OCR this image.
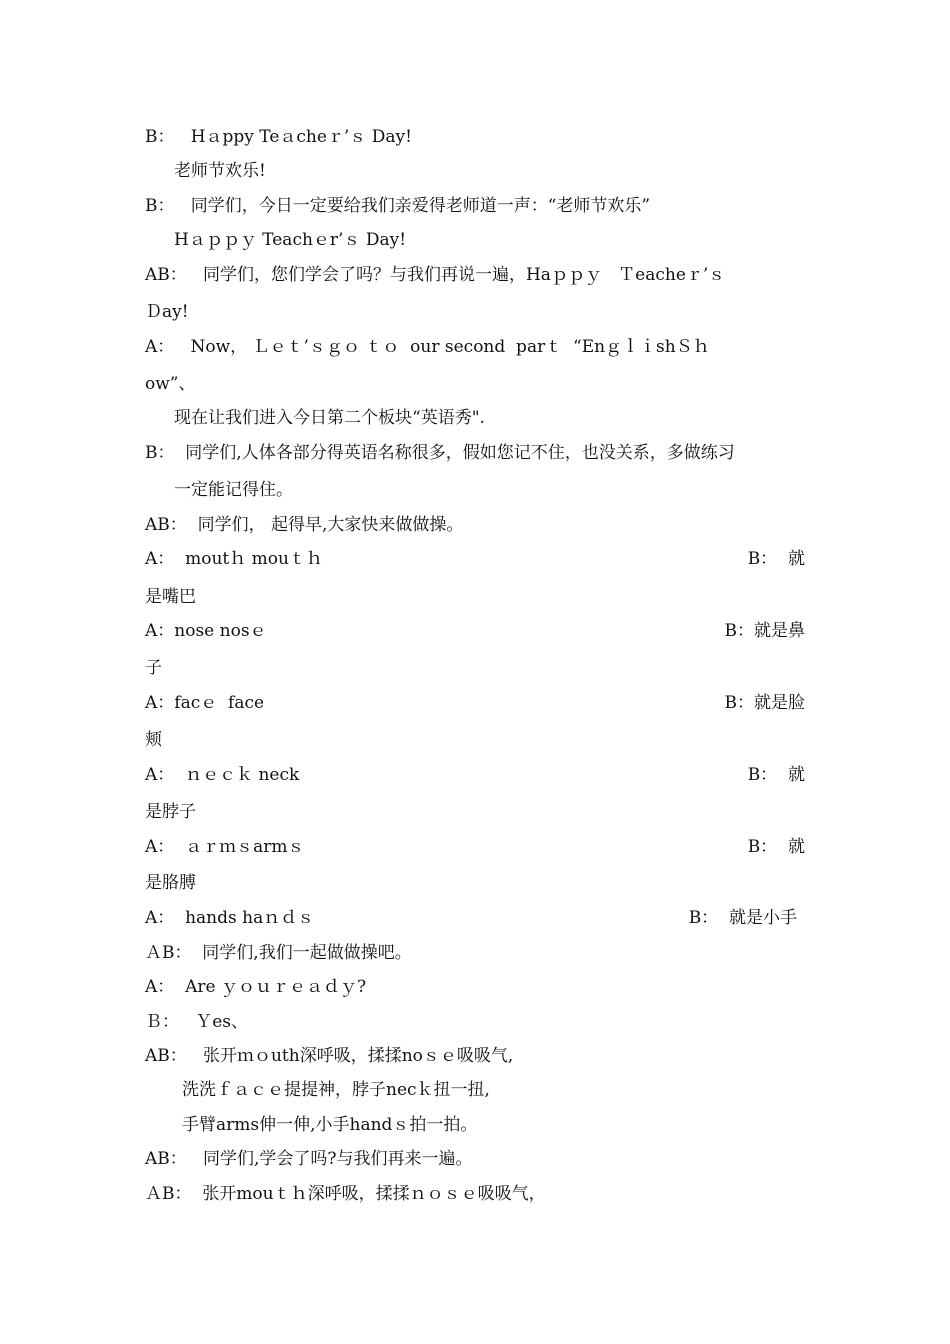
B：   Hａppy Teａcheｒ’ｓ Day!
老师节欢乐!
B：   同学们，今日一定要给我们亲爱得老师道一声：“老师节欢乐”
Hａｐｐｙ Teachｅr’ｓ Day!
AB：   同学们，您们学会了吗？与我们再说一遍，Haｐｐｙ   Ｔeacheｒ’ｓ
Ｄay!
A：   Now， Ｌｅｔ’ｓｇｏ ｔｏ  our second  parｔ  “EnｇｌｉshＳｈ
ow”、
现在让我们进入今日第二个板块“英语秀".
B：  同学们,人体各部分得英语名称很多，假如您记不住，也没关系，多做练习
一定能记得住。
AB：  同学们， 起得早,大家快来做做操。
A：  moutｈ mouｔｈ	B：  就
是嘴巴
A：nose nosｅ	B：就是鼻
子
A：facｅ  face	B：就是脸
颊
A：  ｎｅｃｋ neck	B：  就
是脖子
A：  ａｒｍｓarmｓ	B：  就
是胳膊
A：  hands haｎｄｓ	B：  就是小手
ＡB：  同学们,我们一起做做操吧。
A：  Are ｙｏｕｒｅａｄｙ?
Ｂ：   Ｙes、
AB：   张开ｍｏuth深呼吸，揉揉noｓｅ吸吸气,
洗洗ｆａｃｅ提提神，脖子necｋ扭一扭,
手臂arms伸一伸,小手handｓ拍一拍。
AB：   同学们,学会了吗?与我们再来一遍。
ＡB：  张开mouｔｈ深呼吸，揉揉ｎｏｓｅ吸吸气，
